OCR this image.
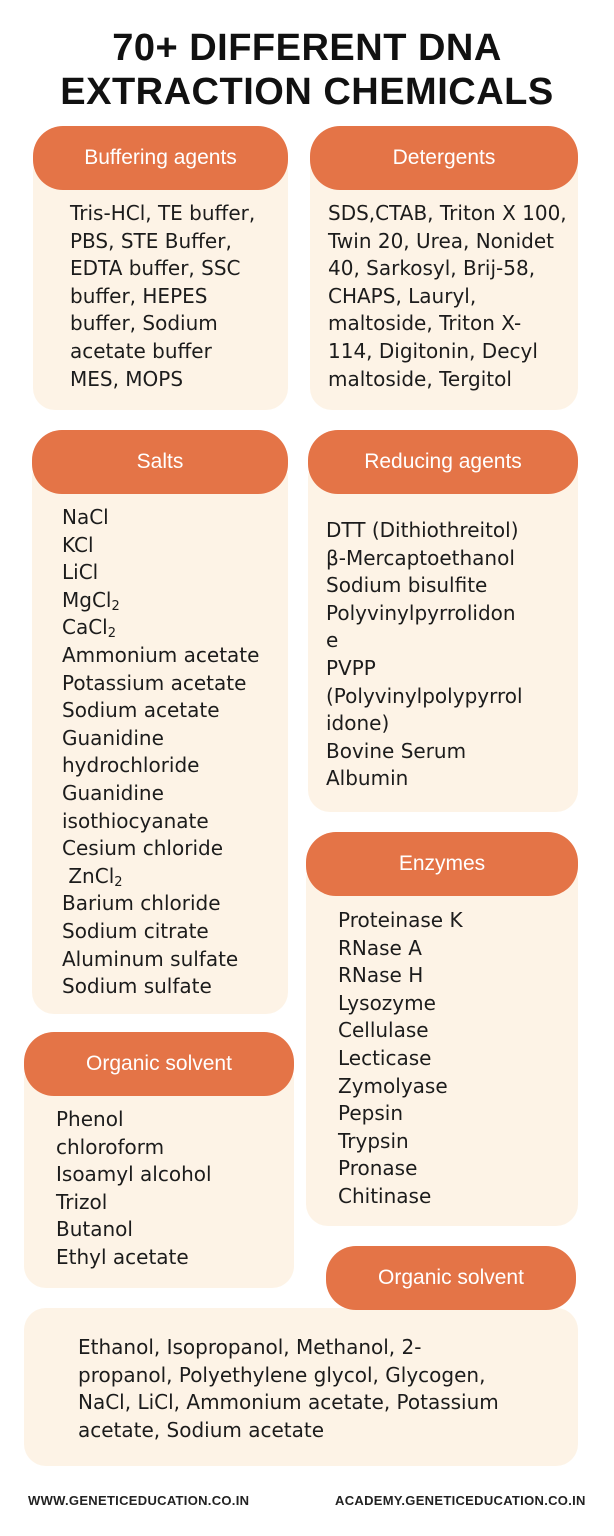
70+ DIFFERENT DNA
EXTRACTION CHEMICALS
Buffering agents
Tris-HCl, TE buffer,
PBS, STE Buffer,
EDTA buffer, SSC
buffer, HEPES
buffer, Sodium
acetate buffer
MES, MOPS
Detergents
SDS,CTAB, Triton X 100,
Twin 20, Urea, Nonidet
40, Sarkosyl, Brij-58,
CHAPS, Lauryl,
maltoside, Triton X-
114, Digitonin, Decyl
maltoside, Tergitol
Salts
NaCl
KCl
LiCl
MgCl$_2$
CaCl$_2$
Ammonium acetate
Potassium acetate
Sodium acetate
Guanidine
hydrochloride
Guanidine
isothiocyanate
Cesium chloride
ZnCl$_2$
Barium chloride
Sodium citrate
Aluminum sulfate
Sodium sulfate
Reducing agents
DTT (Dithiothreitol)
β-Mercaptoethanol
Sodium bisulfite
Polyvinylpyrrolidon
e
PVPP
(Polyvinylpolypyrrol
idone)
Bovine Serum
Albumin
Enzymes
Proteinase K
RNase A
RNase H
Lysozyme
Cellulase
Lecticase
Zymolyase
Pepsin
Trypsin
Pronase
Chitinase
Organic solvent
Phenol
chloroform
Isoamyl alcohol
Trizol
Butanol
Ethyl acetate
Organic solvent
Ethanol, Isopropanol, Methanol, 2-
propanol, Polyethylene glycol, Glycogen,
NaCl, LiCl, Ammonium acetate, Potassium
acetate, Sodium acetate
WWW.GENETICEDUCATION.CO.IN	ACADEMY.GENETICEDUCATION.CO.IN
